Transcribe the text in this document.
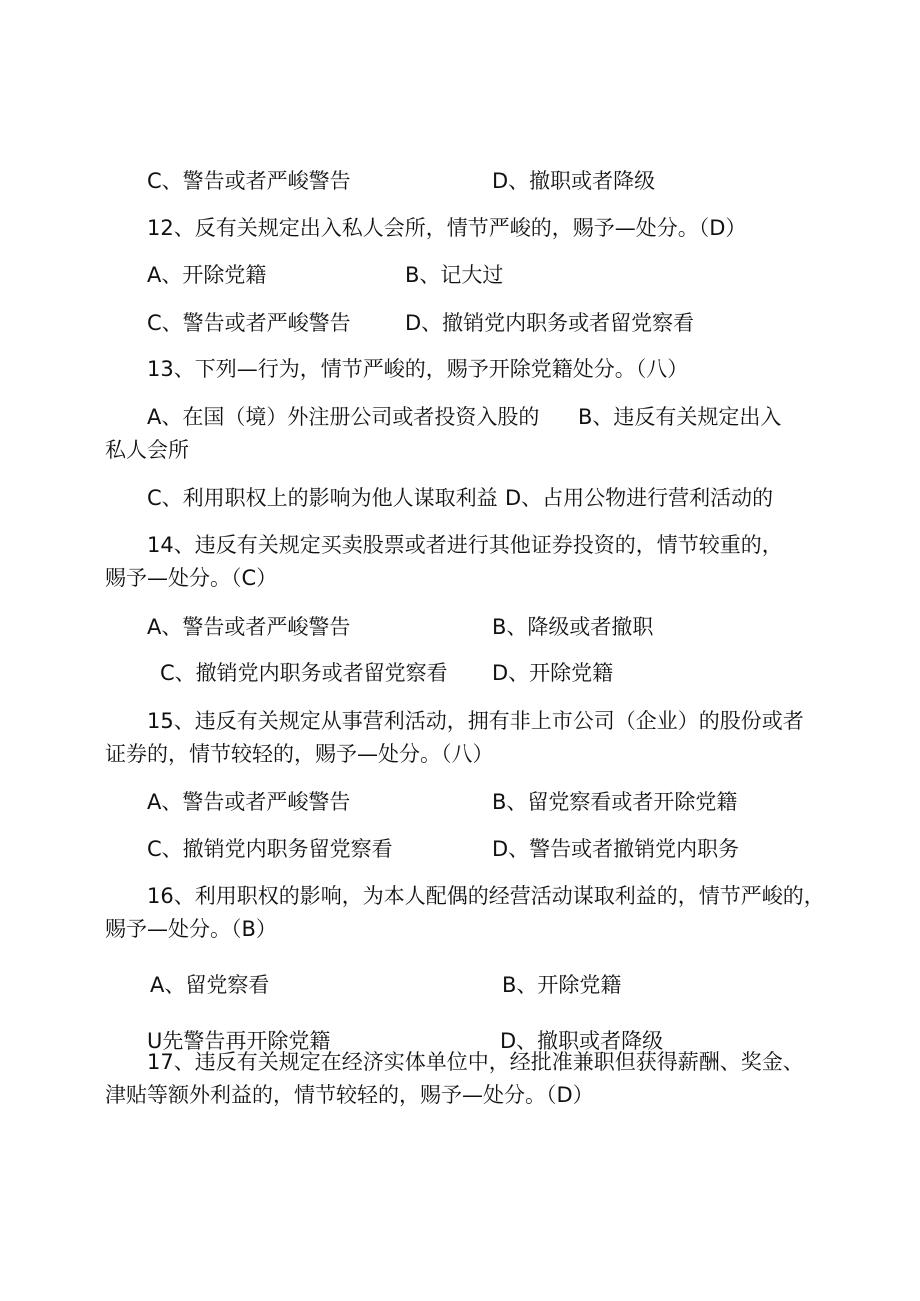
C、警告或者严峻警告	D、撤职或者降级
12、反有关规定出入私人会所，情节严峻的，赐予—处分。（D）
A、开除党籍	B、记大过
C、警告或者严峻警告	D、撤销党内职务或者留党察看
13、下列—行为，情节严峻的，赐予开除党籍处分。（八）
A、在国（境）外注册公司或者投资入股的 B、违反有关规定出入
私人会所
C、利用职权上的影响为他人谋取利益 D、占用公物进行营利活动的
14、违反有关规定买卖股票或者进行其他证券投资的，情节较重的，
赐予—处分。（C）
A、警告或者严峻警告	B、降级或者撤职
C、撤销党内职务或者留党察看 D、开除党籍
15、违反有关规定从事营利活动，拥有非上市公司（企业）的股份或者
证券的，情节较轻的，赐予—处分。（八）
A、警告或者严峻警告	B、留党察看或者开除党籍
C、撤销党内职务留党察看	D、警告或者撤销党内职务
16、利用职权的影响，为本人配偶的经营活动谋取利益的，情节严峻的，
赐予—处分。（B）
A、留党察看	B、开除党籍
U先警告再开除党籍	D、撤职或者降级
17、违反有关规定在经济实体单位中，经批准兼职但获得薪酬、奖金、
津贴等额外利益的，情节较轻的，赐予—处分。（D）
